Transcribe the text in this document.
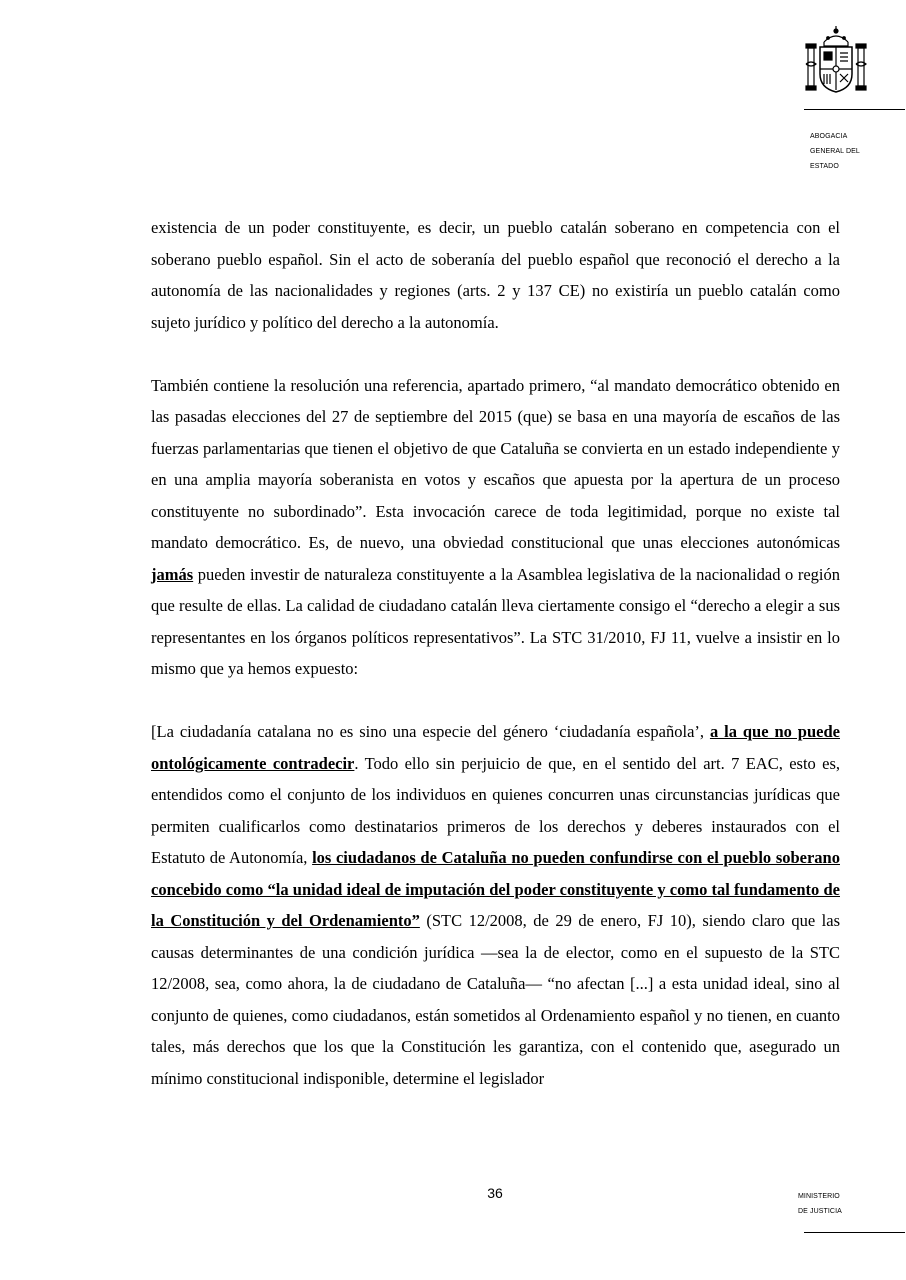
ABOGACIA
GENERAL DEL
ESTADO

existencia de un poder constituyente, es decir, un pueblo catalán soberano en competencia con el soberano pueblo español. Sin el acto de soberanía del pueblo español que reconoció el derecho a la autonomía de las nacionalidades y regiones (arts. 2 y 137 CE) no existiría un pueblo catalán como sujeto jurídico y político del derecho a la autonomía.

También contiene la resolución una referencia, apartado primero, “al mandato democrático obtenido en las pasadas elecciones del 27 de septiembre del 2015 (que) se basa en una mayoría de escaños de las fuerzas parlamentarias que tienen el objetivo de que Cataluña se convierta en un estado independiente y en una amplia mayoría soberanista en votos y escaños que apuesta por la apertura de un proceso constituyente no subordinado”. Esta invocación carece de toda legitimidad, porque no existe tal mandato democrático. Es, de nuevo, una obviedad constitucional que unas elecciones autonómicas jamás pueden investir de naturaleza constituyente a la Asamblea legislativa de la nacionalidad o región que resulte de ellas. La calidad de ciudadano catalán lleva ciertamente consigo el “derecho a elegir a sus representantes en los órganos políticos representativos”. La STC 31/2010, FJ 11, vuelve a insistir en lo mismo que ya hemos expuesto:

[La ciudadanía catalana no es sino una especie del género ‘ciudadanía española’, a la que no puede ontológicamente contradecir. Todo ello sin perjuicio de que, en el sentido del art. 7 EAC, esto es, entendidos como el conjunto de los individuos en quienes concurren unas circunstancias jurídicas que permiten cualificarlos como destinatarios primeros de los derechos y deberes instaurados con el Estatuto de Autonomía, los ciudadanos de Cataluña no pueden confundirse con el pueblo soberano concebido como “la unidad ideal de imputación del poder constituyente y como tal fundamento de la Constitución y del Ordenamiento” (STC 12/2008, de 29 de enero, FJ 10), siendo claro que las causas determinantes de una condición jurídica —sea la de elector, como en el supuesto de la STC 12/2008, sea, como ahora, la de ciudadano de Cataluña— “no afectan [...] a esta unidad ideal, sino al conjunto de quienes, como ciudadanos, están sometidos al Ordenamiento español y no tienen, en cuanto tales, más derechos que los que la Constitución les garantiza, con el contenido que, asegurado un mínimo constitucional indisponible, determine el legislador

36	MINISTERIO
DE JUSTICIA
